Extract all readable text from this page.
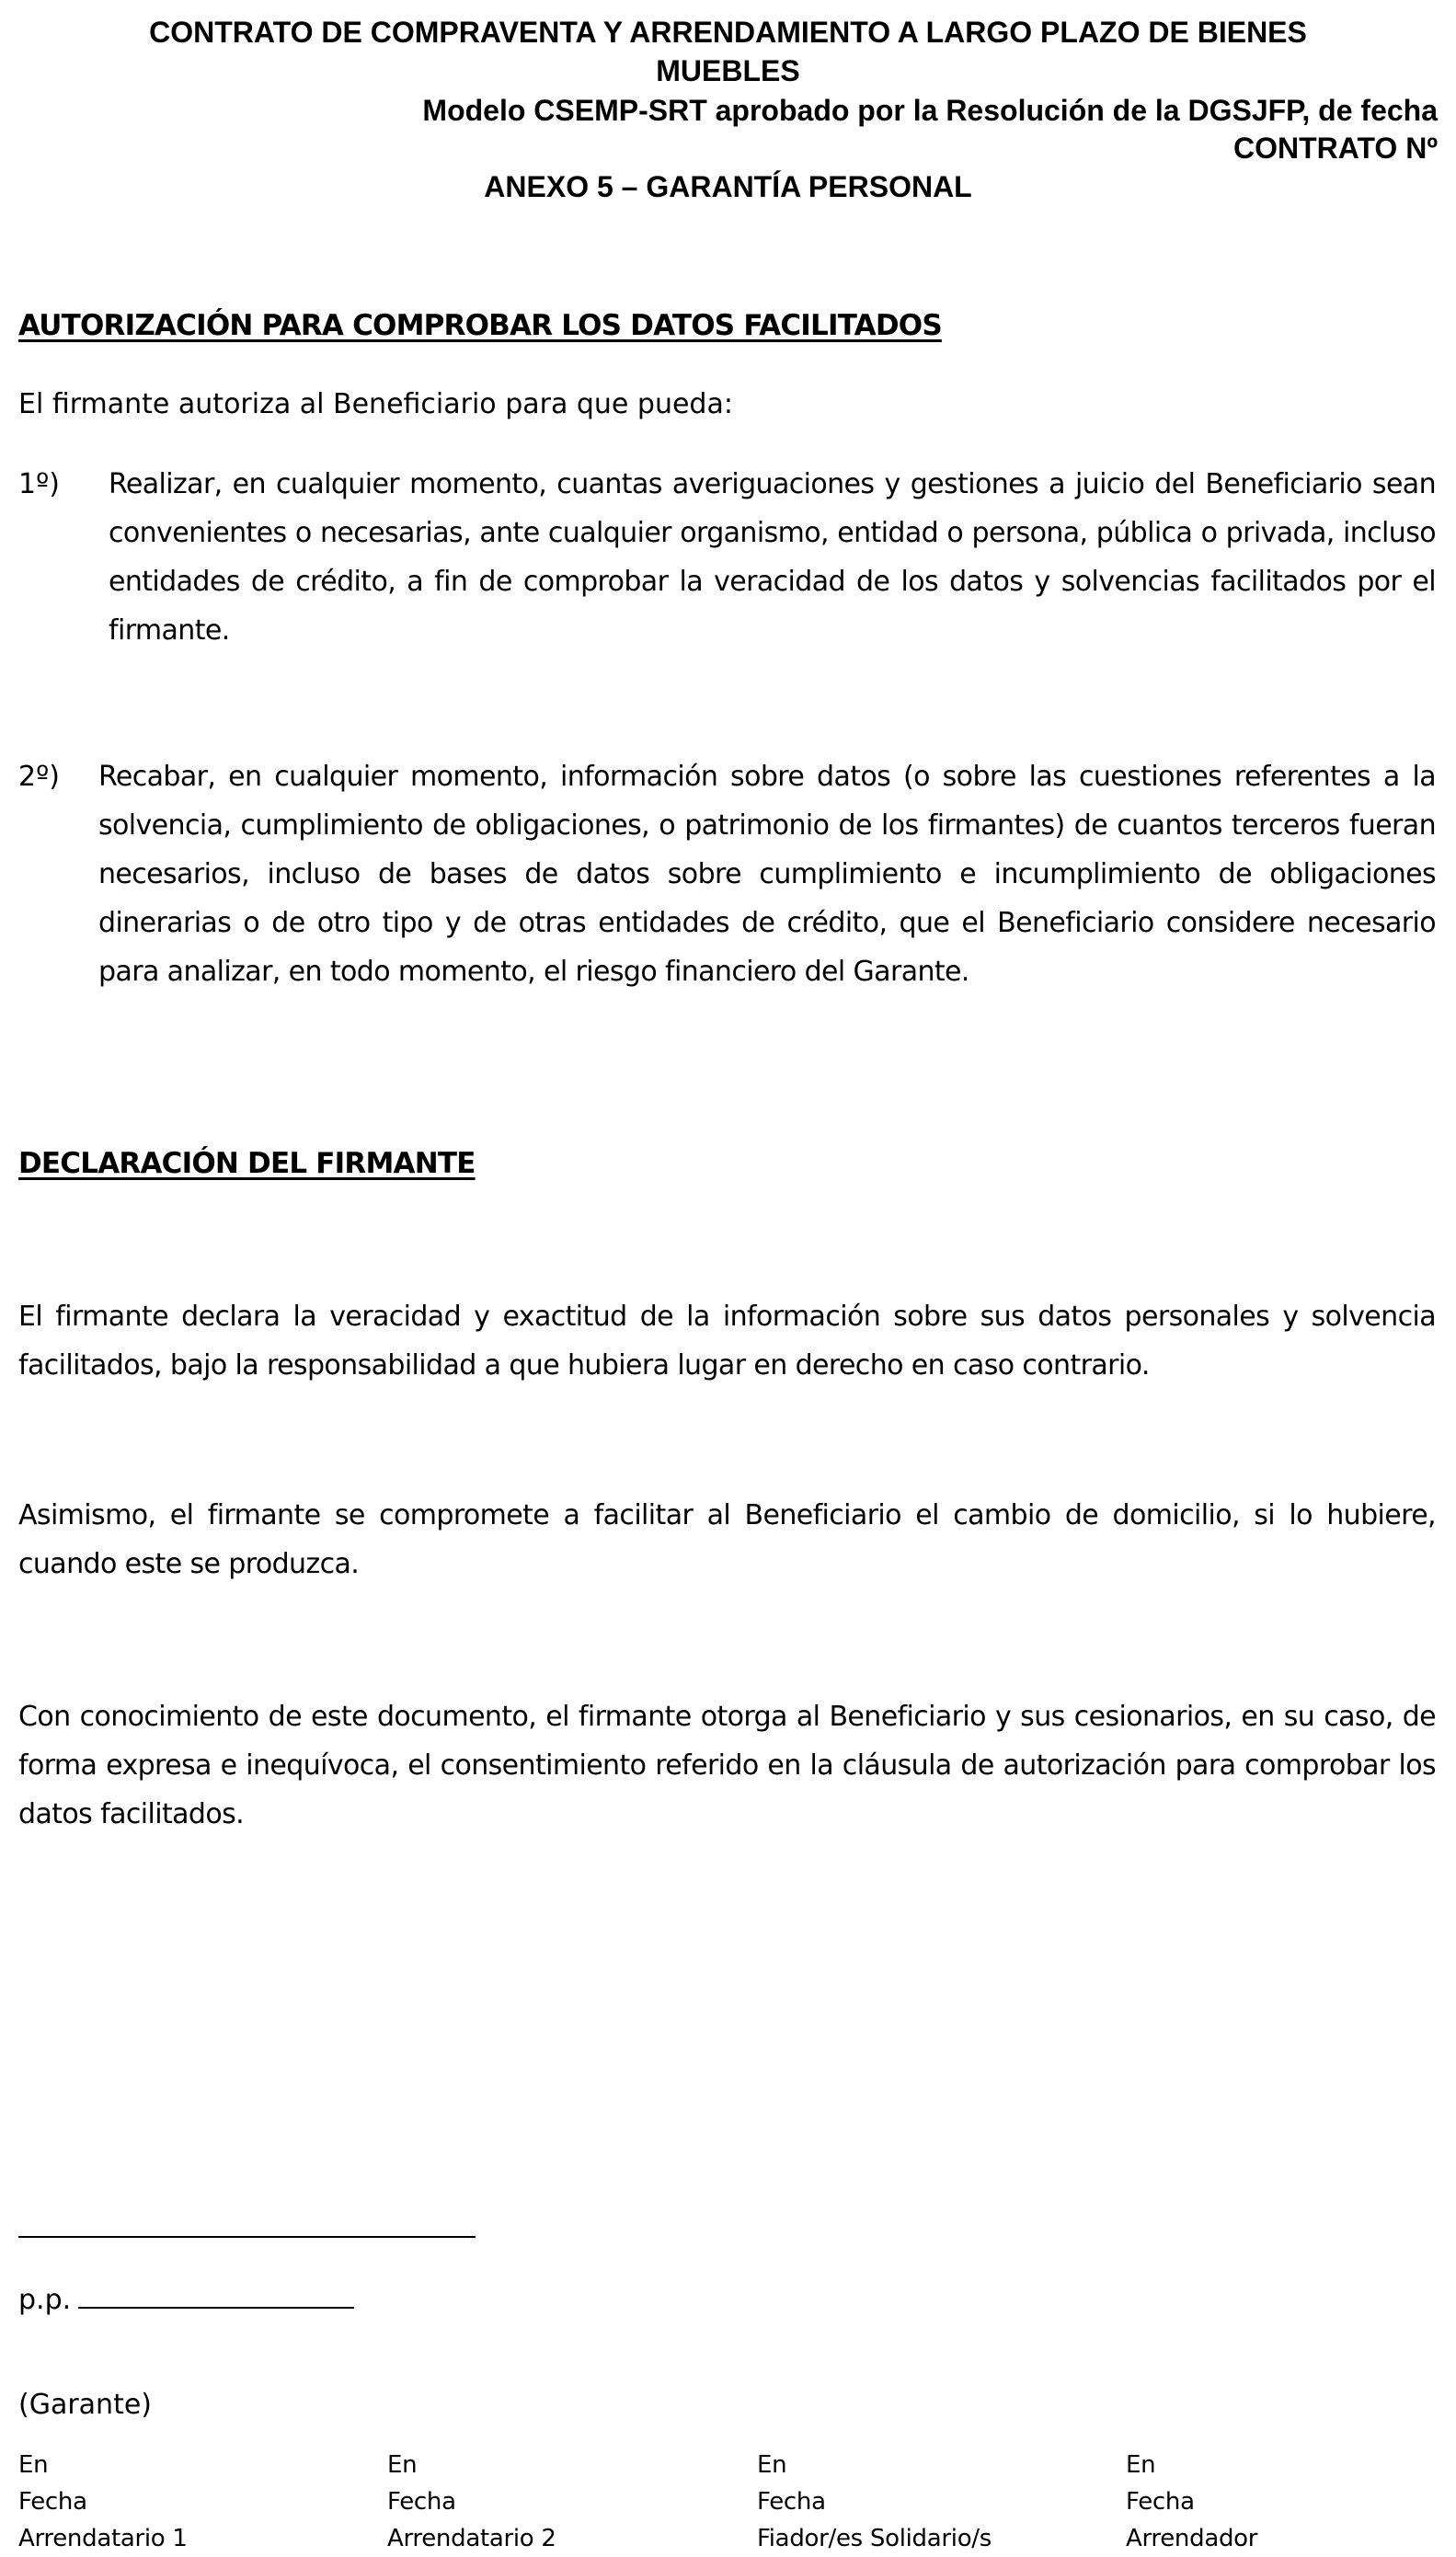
CONTRATO DE COMPRAVENTA Y ARRENDAMIENTO A LARGO PLAZO DE BIENES
MUEBLES
Modelo CSEMP-SRT aprobado por la Resolución de la DGSJFP, de fecha
CONTRATO Nº
ANEXO 5 – GARANTÍA PERSONAL
AUTORIZACIÓN PARA COMPROBAR LOS DATOS FACILITADOS
El firmante autoriza al Beneficiario para que pueda:
1º) Realizar, en cualquier momento, cuantas averiguaciones y gestiones a juicio del Beneficiario sean convenientes o necesarias, ante cualquier organismo, entidad o persona, pública o privada, incluso entidades de crédito, a fin de comprobar la veracidad de los datos y solvencias facilitados por el firmante.
2º) Recabar, en cualquier momento, información sobre datos (o sobre las cuestiones referentes a la solvencia, cumplimiento de obligaciones, o patrimonio de los firmantes) de cuantos terceros fueran necesarios, incluso de bases de datos sobre cumplimiento e incumplimiento de obligaciones dinerarias o de otro tipo y de otras entidades de crédito, que el Beneficiario considere necesario para analizar, en todo momento, el riesgo financiero del Garante.
DECLARACIÓN DEL FIRMANTE
El firmante declara la veracidad y exactitud de la información sobre sus datos personales y solvencia facilitados, bajo la responsabilidad a que hubiera lugar en derecho en caso contrario.
Asimismo, el firmante se compromete a facilitar al Beneficiario el cambio de domicilio, si lo hubiere, cuando este se produzca.
Con conocimiento de este documento, el firmante otorga al Beneficiario y sus cesionarios, en su caso, de forma expresa e inequívoca, el consentimiento referido en la cláusula de autorización para comprobar los datos facilitados.
p.p.
(Garante)
En
Fecha
Arrendatario 1
En
Fecha
Arrendatario 2
En
Fecha
Fiador/es Solidario/s
En
Fecha
Arrendador
